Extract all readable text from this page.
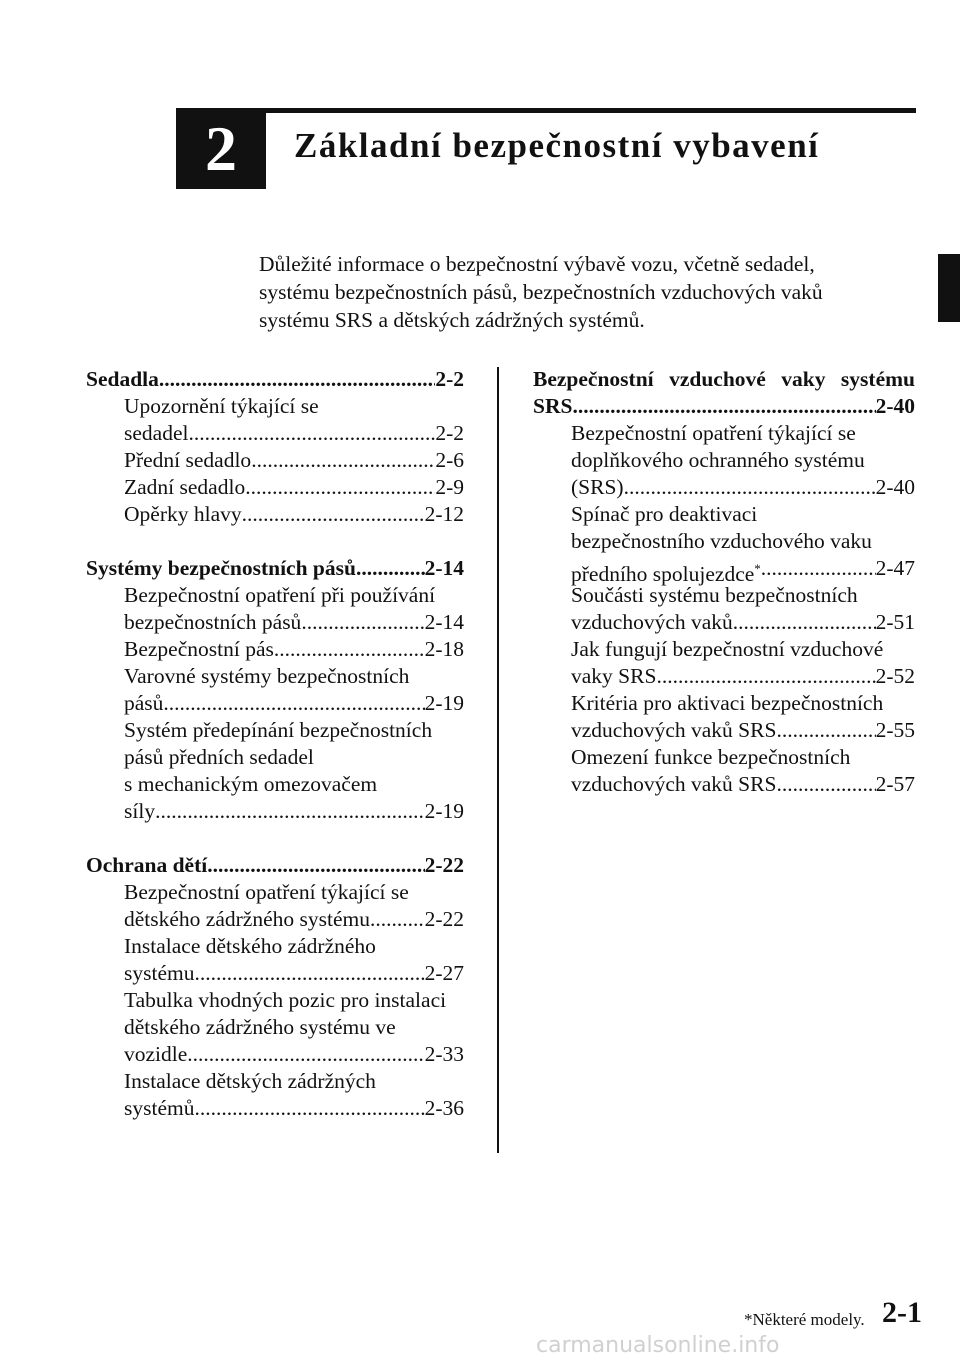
2	Základní bezpečnostní vybavení
Důležité informace o bezpečnostní výbavě vozu, včetně sedadel,
systému bezpečnostních pásů, bezpečnostních vzduchových vaků
systému SRS a dětských zádržných systémů.
Sedadla .....	2-2
Upozornění týkající se
sedadel .....	2-2
Přední sedadlo .....	2-6
Zadní sedadlo .....	2-9
Opěrky hlavy .....	2-12
Systémy bezpečnostních pásů .....	2-14
Bezpečnostní opatření při používání
bezpečnostních pásů .....	2-14
Bezpečnostní pás .....	2-18
Varovné systémy bezpečnostních
pásů .....	2-19
Systém předepínání bezpečnostních
pásů předních sedadel
s mechanickým omezovačem
síly .....	2-19
Ochrana dětí .....	2-22
Bezpečnostní opatření týkající se
dětského zádržného systému .....	2-22
Instalace dětského zádržného
systému .....	2-27
Tabulka vhodných pozic pro instalaci
dětského zádržného systému ve
vozidle .....	2-33
Instalace dětských zádržných
systémů .....	2-36
Bezpečnostní vzduchové vaky systému
SRS .....	2-40
Bezpečnostní opatření týkající se
doplňkového ochranného systému
(SRS) .....	2-40
Spínač pro deaktivaci
bezpečnostního vzduchového vaku
předního spolujezdce* .....	2-47
Součásti systému bezpečnostních
vzduchových vaků .....	2-51
Jak fungují bezpečnostní vzduchové
vaky SRS .....	2-52
Kritéria pro aktivaci bezpečnostních
vzduchových vaků SRS .....	2-55
Omezení funkce bezpečnostních
vzduchových vaků SRS .....	2-57
*Některé modely. 2-1
carmanualsonline.info
